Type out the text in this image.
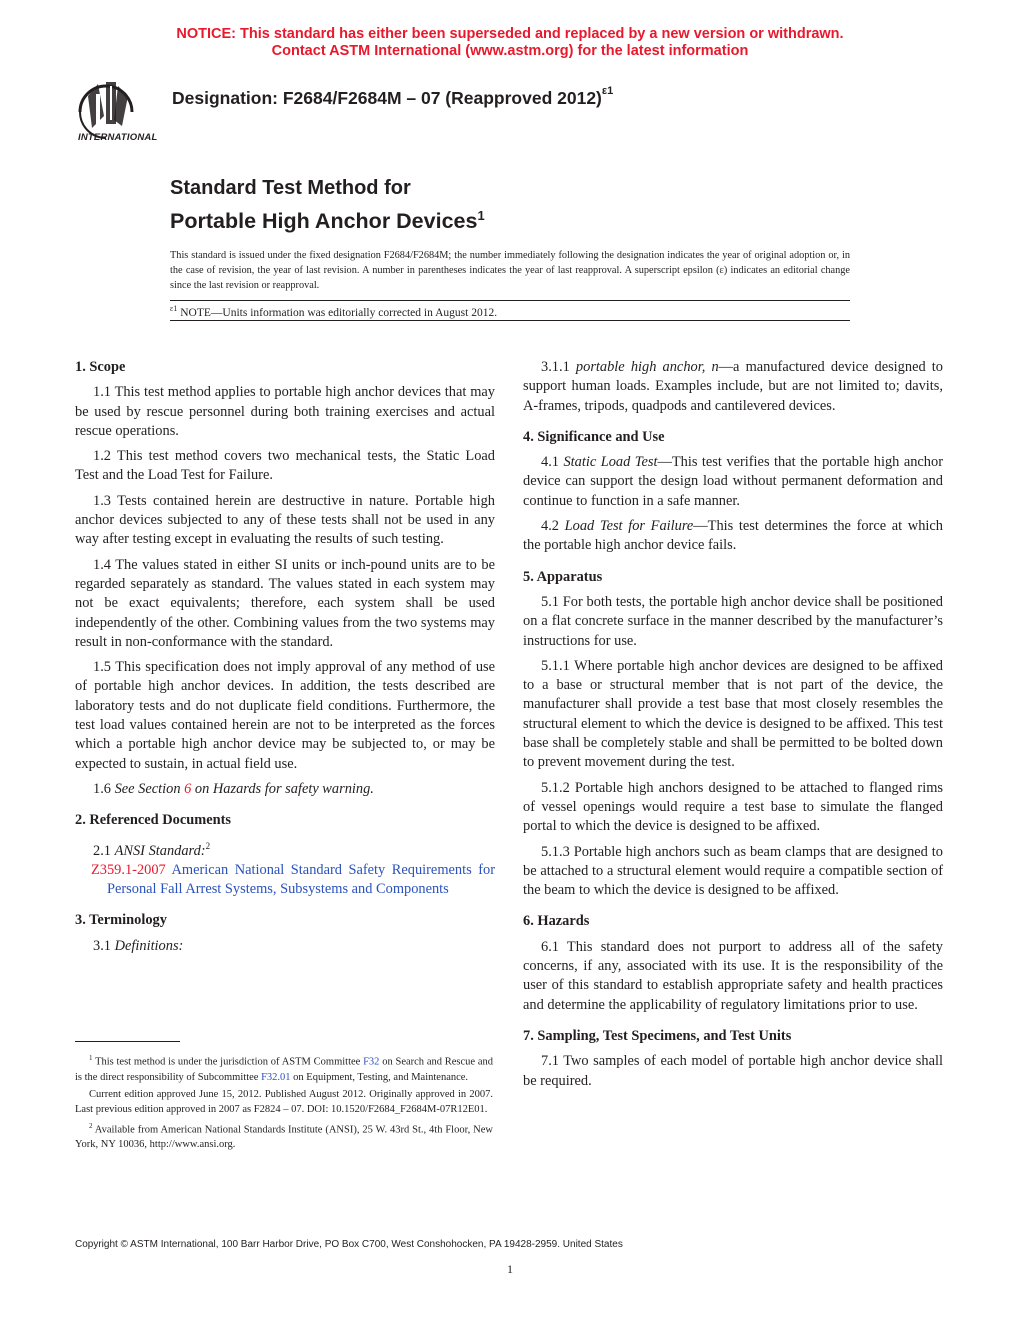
NOTICE: This standard has either been superseded and replaced by a new version or withdrawn.
Contact ASTM International (www.astm.org) for the latest information
INTERNATIONAL
Designation: F2684/F2684M – 07 (Reapproved 2012)$^{\varepsilon 1}$
Standard Test Method for
Portable High Anchor Devices$^1$
This standard is issued under the fixed designation F2684/F2684M; the number immediately following the designation indicates the year of original adoption or, in the case of revision, the year of last revision. A number in parentheses indicates the year of last reapproval. A superscript epsilon (ε) indicates an editorial change since the last revision or reapproval.
$^{\varepsilon 1}$ NOTE—Units information was editorially corrected in August 2012.
1. Scope

1.1 This test method applies to portable high anchor devices that may be used by rescue personnel during both training exercises and actual rescue operations.

1.2 This test method covers two mechanical tests, the Static Load Test and the Load Test for Failure.

1.3 Tests contained herein are destructive in nature. Portable high anchor devices subjected to any of these tests shall not be used in any way after testing except in evaluating the results of such testing.

1.4 The values stated in either SI units or inch-pound units are to be regarded separately as standard. The values stated in each system may not be exact equivalents; therefore, each system shall be used independently of the other. Combining values from the two systems may result in non-conformance with the standard.

1.5 This specification does not imply approval of any method of use of portable high anchor devices. In addition, the tests described are laboratory tests and do not duplicate field conditions. Furthermore, the test load values contained herein are not to be interpreted as the forces which a portable high anchor device may be subjected to, or may be expected to sustain, in actual field use.

1.6 See Section 6 on Hazards for safety warning.

2. Referenced Documents

2.1 ANSI Standard:$^2$

Z359.1-2007 American National Standard Safety Requirements for Personal Fall Arrest Systems, Subsystems and Components

3. Terminology

3.1 Definitions:

3.1.1 portable high anchor, n—a manufactured device designed to support human loads. Examples include, but are not limited to; davits, A-frames, tripods, quadpods and cantilevered devices.

4. Significance and Use

4.1 Static Load Test—This test verifies that the portable high anchor device can support the design load without permanent deformation and continue to function in a safe manner.

4.2 Load Test for Failure—This test determines the force at which the portable high anchor device fails.

5. Apparatus

5.1 For both tests, the portable high anchor device shall be positioned on a flat concrete surface in the manner described by the manufacturer’s instructions for use.

5.1.1 Where portable high anchor devices are designed to be affixed to a base or structural member that is not part of the device, the manufacturer shall provide a test base that most closely resembles the structural element to which the device is designed to be affixed. This test base shall be completely stable and shall be permitted to be bolted down to prevent movement during the test.

5.1.2 Portable high anchors designed to be attached to flanged rims of vessel openings would require a test base to simulate the flanged portal to which the device is designed to be affixed.

5.1.3 Portable high anchors such as beam clamps that are designed to be attached to a structural element would require a compatible section of the beam to which the device is designed to be affixed.

6. Hazards

6.1 This standard does not purport to address all of the safety concerns, if any, associated with its use. It is the responsibility of the user of this standard to establish appropriate safety and health practices and determine the applicability of regulatory limitations prior to use.

7. Sampling, Test Specimens, and Test Units

7.1 Two samples of each model of portable high anchor device shall be required.

$^1$ This test method is under the jurisdiction of ASTM Committee F32 on Search and Rescue and is the direct responsibility of Subcommittee F32.01 on Equipment, Testing, and Maintenance.

Current edition approved June 15, 2012. Published August 2012. Originally approved in 2007. Last previous edition approved in 2007 as F2824 – 07. DOI: 10.1520/F2684_F2684M-07R12E01.

$^2$ Available from American National Standards Institute (ANSI), 25 W. 43rd St., 4th Floor, New York, NY 10036, http://www.ansi.org.

Copyright © ASTM International, 100 Barr Harbor Drive, PO Box C700, West Conshohocken, PA 19428-2959. United States
1
